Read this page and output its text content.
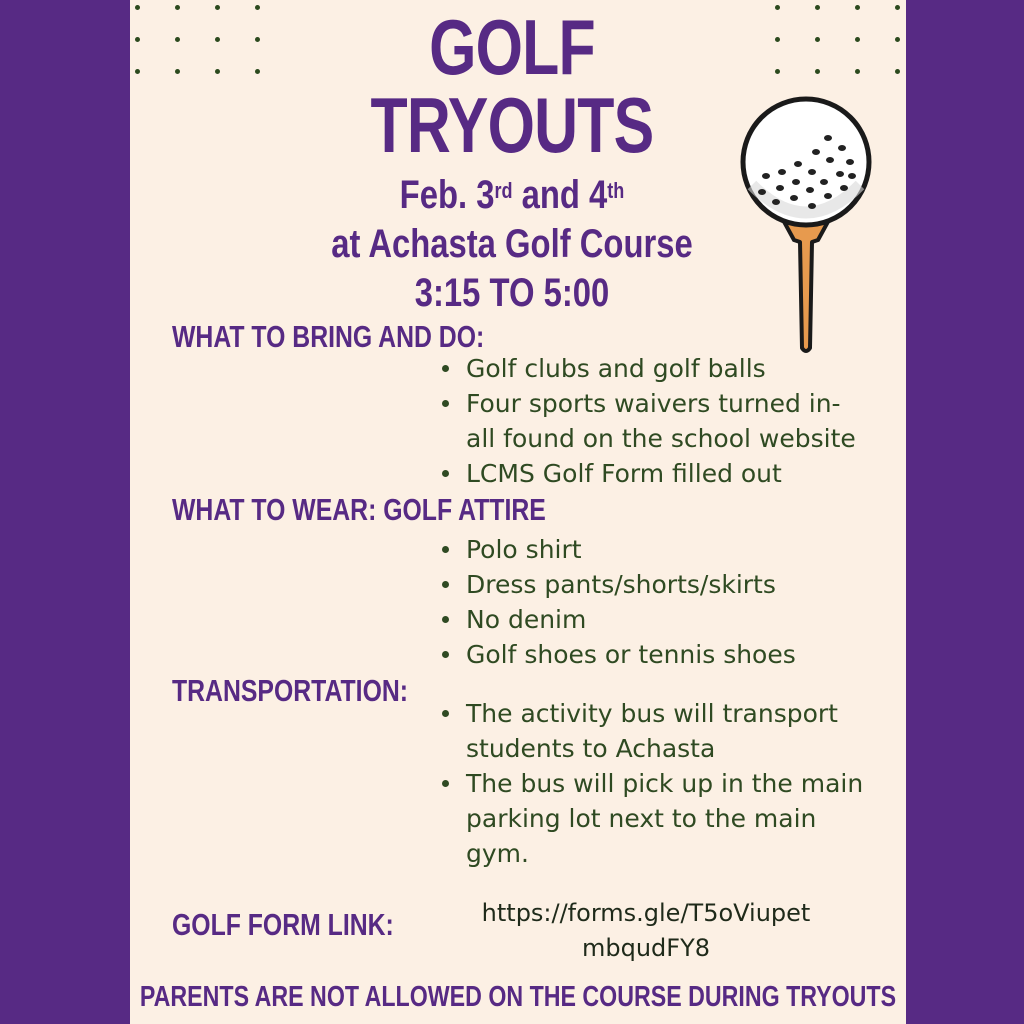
GOLF
TRYOUTS
Feb. 3rd and 4th
at Achasta Golf Course
3:15 TO 5:00
WHAT TO BRING AND DO:
Golf clubs and golf balls
Four sports waivers turned in- all found on the school website
LCMS Golf Form filled out
WHAT TO WEAR: GOLF ATTIRE
Polo shirt
Dress pants/shorts/skirts
No denim
Golf shoes or tennis shoes
TRANSPORTATION:
The activity bus will transport students to Achasta
The bus will pick up in the main parking lot next to the main gym.
GOLF FORM LINK:	https://forms.gle/T5oViupet
mbqudFY8
PARENTS ARE NOT ALLOWED ON THE COURSE DURING TRYOUTS
